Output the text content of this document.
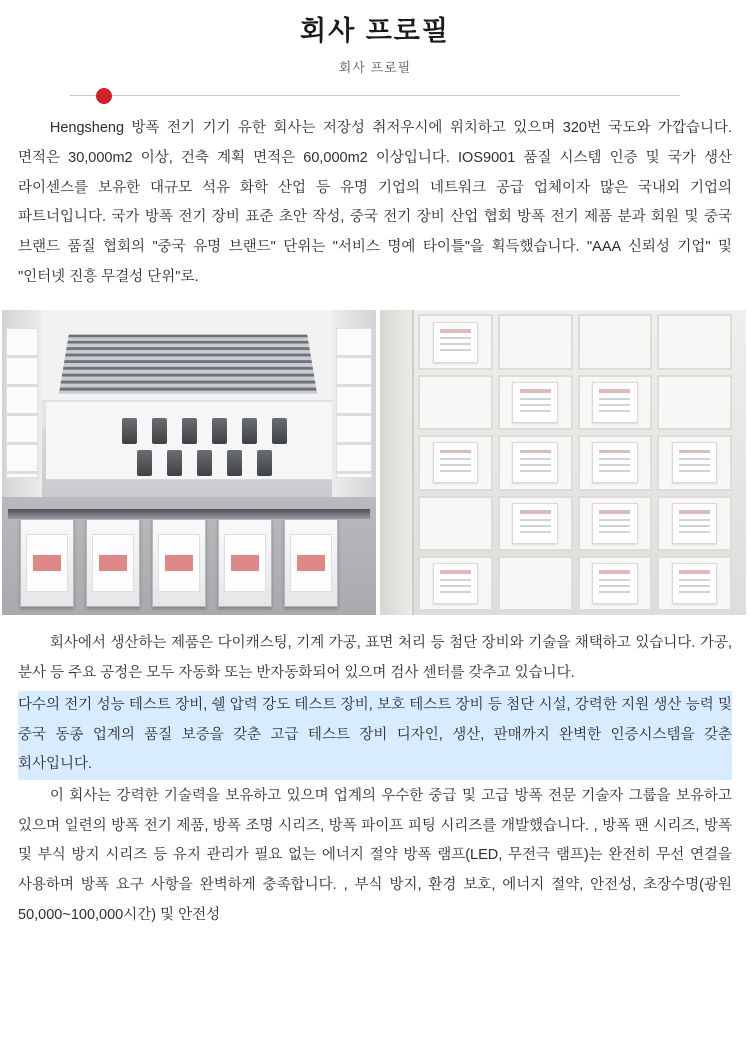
회사 프로필
회사 프로필

Hengsheng 방폭 전기 기기 유한 회사는 저장성 취저우시에 위치하고 있으며 320번 국도와 가깝습니다. 면적은 30,000m2 이상, 건축 계획 면적은 60,000m2 이상입니다. IOS9001 품질 시스템 인증 및 국가 생산 라이센스를 보유한 대규모 석유 화학 산업 등 유명 기업의 네트워크 공급 업체이자 많은 국내외 기업의 파트너입니다. 국가 방폭 전기 장비 표준 초안 작성, 중국 전기 장비 산업 협회 방폭 전기 제품 분과 회원 및 중국 브랜드 품질 협회의 "중국 유명 브랜드" 단위는 "서비스 명예 타이틀"을 획득했습니다. "AAA 신뢰성 기업" 및 "인터넷 진흥 무결성 단위"로.

회사에서 생산하는 제품은 다이캐스팅, 기계 가공, 표면 처리 등 첨단 장비와 기술을 채택하고 있습니다. 가공, 분사 등 주요 공정은 모두 자동화 또는 반자동화되어 있으며 검사 센터를 갖추고 있습니다.

다수의 전기 성능 테스트 장비, 쉘 압력 강도 테스트 장비, 보호 테스트 장비 등 첨단 시설, 강력한 지원 생산 능력 및 중국 동종 업계의 품질 보증을 갖춘 고급 테스트 장비 디자인, 생산, 판매까지 완벽한 인증시스템을 갖춘 회사입니다.

이 회사는 강력한 기술력을 보유하고 있으며 업계의 우수한 중급 및 고급 방폭 전문 기술자 그룹을 보유하고 있으며 일련의 방폭 전기 제품, 방폭 조명 시리즈, 방폭 파이프 피팅 시리즈를 개발했습니다. , 방폭 팬 시리즈, 방폭 및 부식 방지 시리즈 등 유지 관리가 필요 없는 에너지 절약 방폭 램프(LED, 무전극 램프)는 완전히 무선 연결을 사용하며 방폭 요구 사항을 완벽하게 충족합니다. , 부식 방지, 환경 보호, 에너지 절약, 안전성, 초장수명(광원 50,000~100,000시간) 및 안전성
